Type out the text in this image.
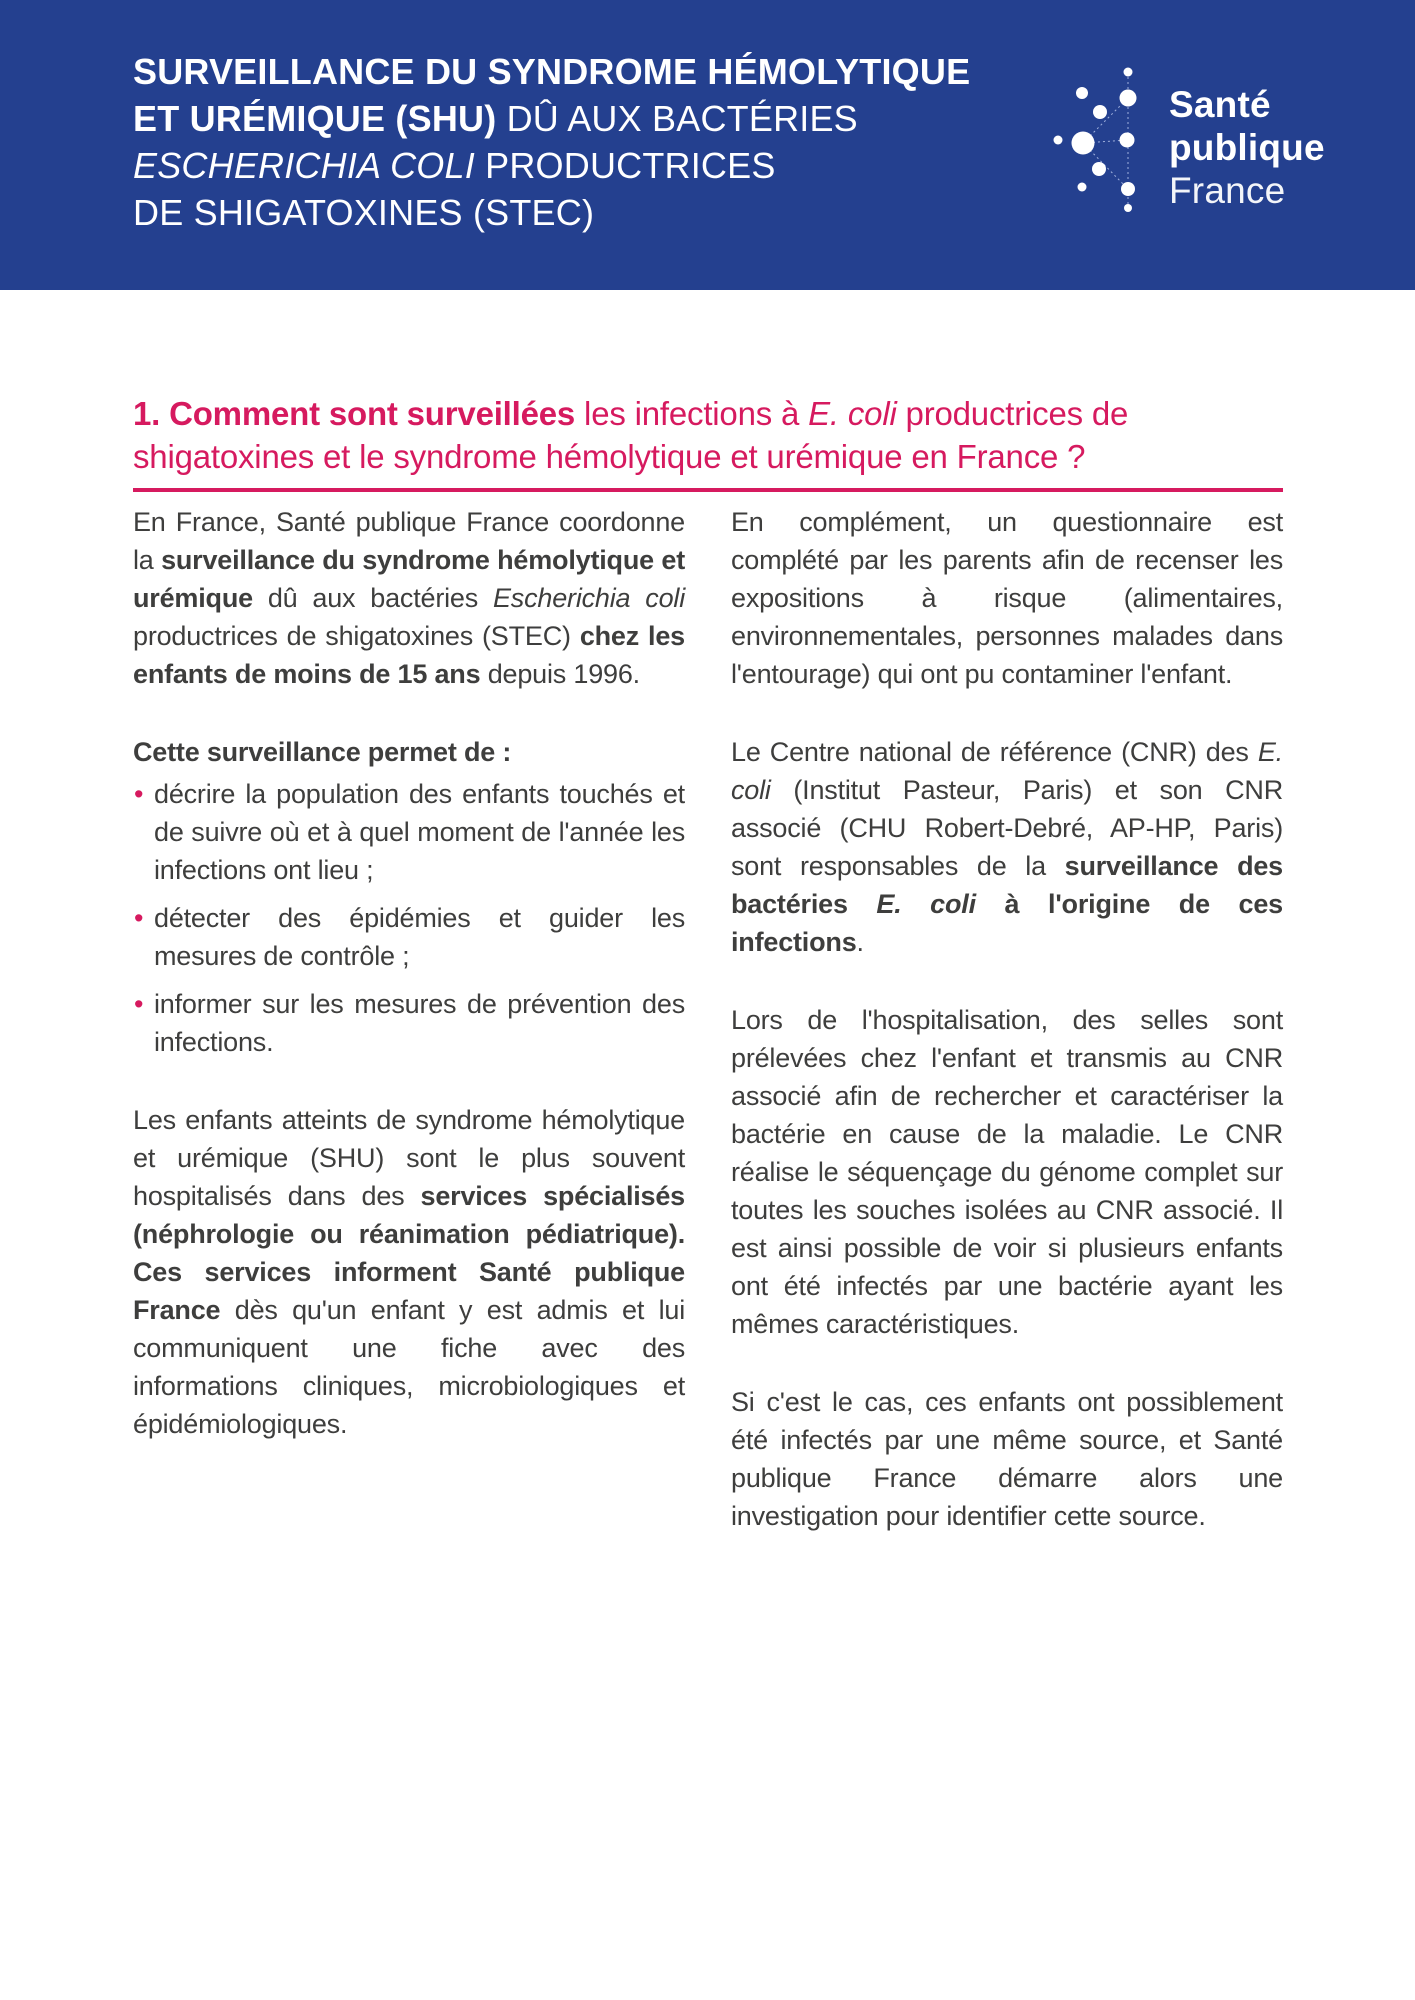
SURVEILLANCE DU SYNDROME HÉMOLYTIQUE
ET URÉMIQUE (SHU) DÛ AUX BACTÉRIES
ESCHERICHIA COLI PRODUCTRICES
DE SHIGATOXINES (STEC)
Santé
publique
France
1. Comment sont surveillées les infections à E. coli productrices de shigatoxines et le syndrome hémolytique et urémique en France ?

En France, Santé publique France coordonne la surveillance du syndrome hémolytique et urémique dû aux bactéries Escherichia coli productrices de shigatoxines (STEC) chez les enfants de moins de 15 ans depuis 1996.

Cette surveillance permet de :

• décrire la population des enfants touchés et de suivre où et à quel moment de l'année les infections ont lieu ;
• détecter des épidémies et guider les mesures de contrôle ;
• informer sur les mesures de prévention des infections.

Les enfants atteints de syndrome hémolytique et urémique (SHU) sont le plus souvent hospitalisés dans des services spécialisés (néphrologie ou réanimation pédiatrique). Ces services informent Santé publique France dès qu'un enfant y est admis et lui communiquent une fiche avec des informations cliniques, microbiologiques et épidémiologiques.

En complément, un questionnaire est complété par les parents afin de recenser les expositions à risque (alimentaires, environnementales, personnes malades dans l'entourage) qui ont pu contaminer l'enfant.

Le Centre national de référence (CNR) des E. coli (Institut Pasteur, Paris) et son CNR associé (CHU Robert-Debré, AP-HP, Paris) sont responsables de la surveillance des bactéries E. coli à l'origine de ces infections.

Lors de l'hospitalisation, des selles sont prélevées chez l'enfant et transmis au CNR associé afin de rechercher et caractériser la bactérie en cause de la maladie. Le CNR réalise le séquençage du génome complet sur toutes les souches isolées au CNR associé. Il est ainsi possible de voir si plusieurs enfants ont été infectés par une bactérie ayant les mêmes caractéristiques.

Si c'est le cas, ces enfants ont possiblement été infectés par une même source, et Santé publique France démarre alors une investigation pour identifier cette source.
